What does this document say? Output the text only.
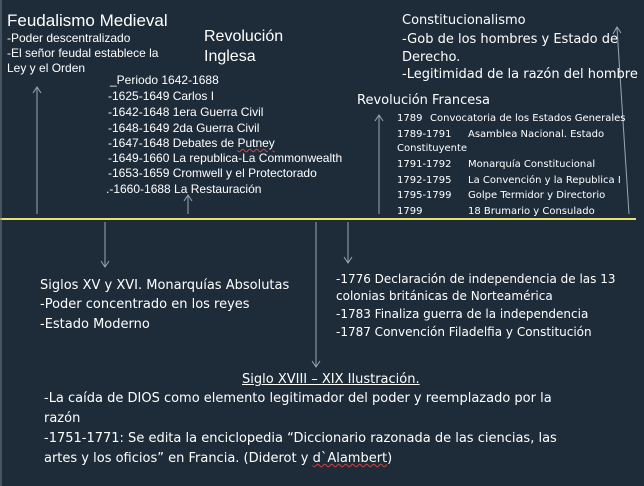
Feudalismo Medieval
-Poder descentralizado
-El señor feudal establece la
Ley y el Orden
Revolución
Inglesa
_Periodo 1642-1688
-1625-1649 Carlos I
-1642-1648 1era Guerra Civil
-1648-1649 2da Guerra Civil
-1647-1648 Debates de Putney
-1649-1660 La republica-La Commonwealth
-1653-1659 Cromwell y el Protectorado
.-1660-1688 La Restauración
Constitucionalismo
-Gob de los hombres y Estado de
Derecho.
-Legitimidad de la razón del hombre
Revolución Francesa
1789 Convocatoria de los Estados Generales
1789-1791 Asamblea Nacional. Estado
Constituyente
1791-1792 Monarquía Constitucional
1792-1795 La Convención y la Republica I
1795-1799 Golpe Termidor y Directorio
1799	18 Brumario y Consulado
Siglos XV y XVI. Monarquías Absolutas
-Poder concentrado en los reyes
-Estado Moderno
-1776 Declaración de independencia de las 13
colonias británicas de Norteamérica
-1783 Finaliza guerra de la independencia
-1787 Convención Filadelfia y Constitución
Siglo XVIII – XIX Ilustración.
-La caída de DIOS como elemento legitimador del poder y reemplazado por la
razón
-1751-1771: Se edita la enciclopedia “Diccionario razonada de las ciencias, las
artes y los oficios” en Francia. (Diderot y d`Alambert)
